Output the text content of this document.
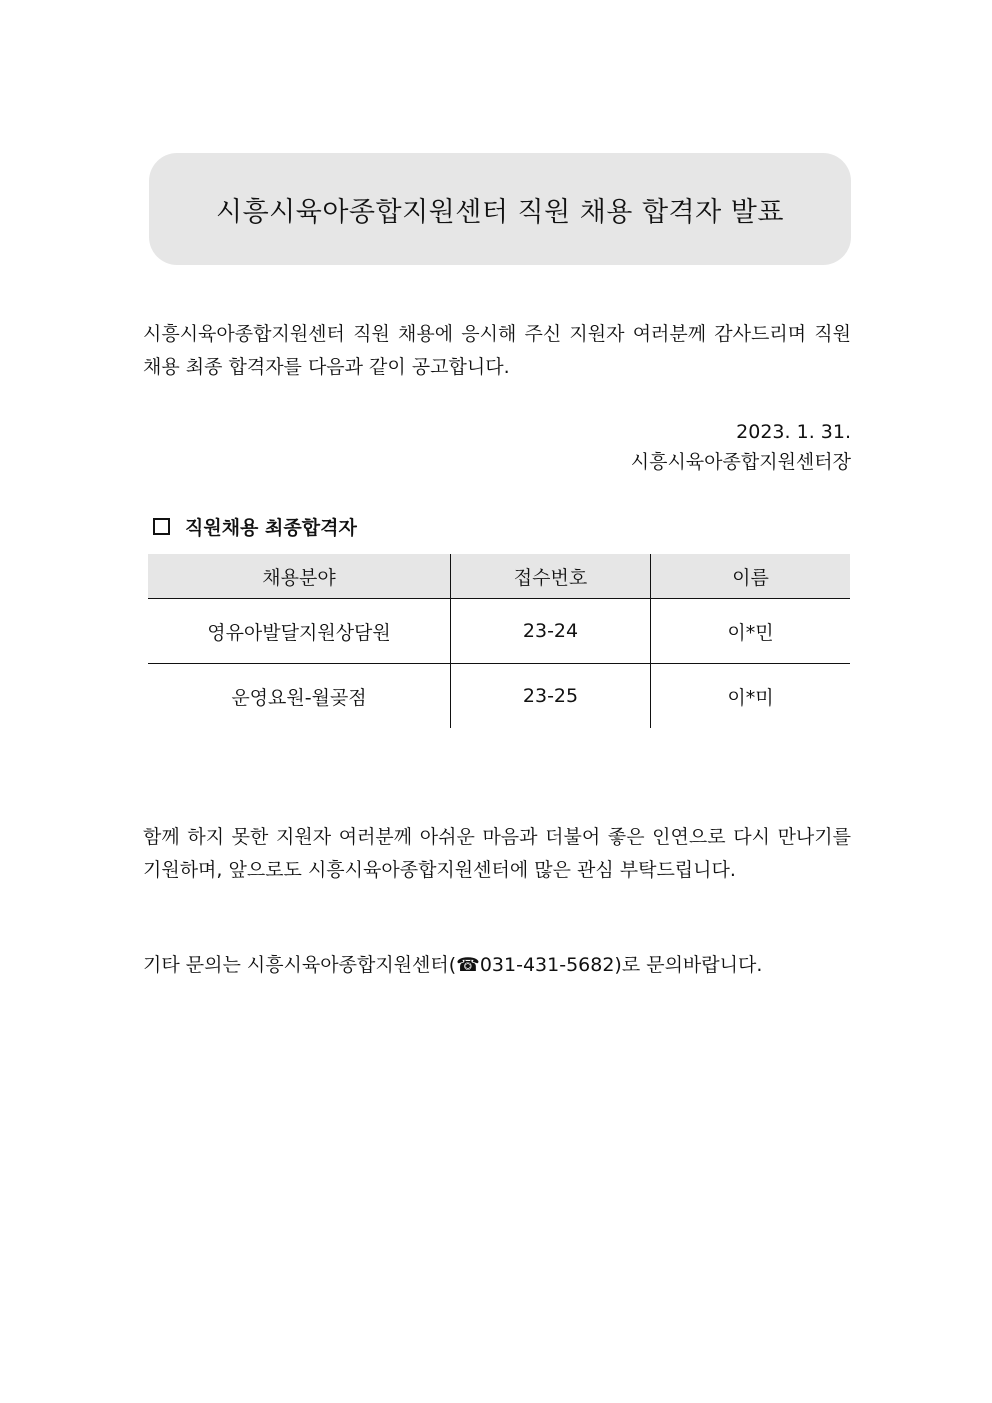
시흥시육아종합지원센터 직원 채용 합격자 발표

시흥시육아종합지원센터 직원 채용에 응시해 주신 지원자 여러분께 감사드리며 직원 채용 최종 합격자를 다음과 같이 공고합니다.

2023. 1. 31.
시흥시육아종합지원센터장
직원채용 최종합격자
채용분야	접수번호	이름
영유아발달지원상담원	23-24	이*민
운영요원-월곶점	23-25	이*미

함께 하지 못한 지원자 여러분께 아쉬운 마음과 더불어 좋은 인연으로 다시 만나기를 기원하며, 앞으로도 시흥시육아종합지원센터에 많은 관심 부탁드립니다.

기타 문의는 시흥시육아종합지원센터(☎031-431-5682)로 문의바랍니다.
